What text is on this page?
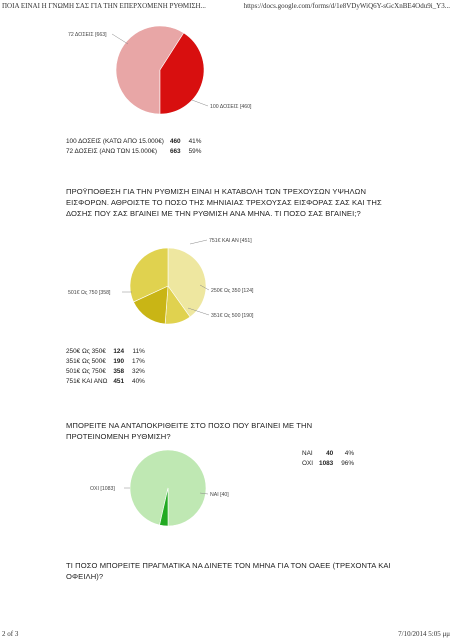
ΠΟΙΑ ΕΙΝΑΙ Η ΓΝΩΜΗ ΣΑΣ ΓΙΑ ΤΗΝ ΕΠΕΡΧΟΜΕΝΗ ΡΥΘΜΙΣΗ...	https://docs.google.com/forms/d/1e8VDyWiQ6Y-sGcXnBE4Odu9i_Y3...
72 ΔΟΣΕΙΣ [663]
100 ΔΟΣΕΙΣ [460]
100 ΔΟΣΕΙΣ (ΚΑΤΩ ΑΠΟ 15.000€)	460	41%
72 ΔΟΣΕΙΣ (ΑΝΩ ΤΩΝ 15.000€)	663	59%
ΠΡΟΫΠΟΘΕΣΗ ΓΙΑ ΤΗΝ ΡΥΘΜΙΣΗ ΕΙΝΑΙ Η ΚΑΤΑΒΟΛΗ ΤΩΝ ΤΡΕΧΟΥΣΩΝ ΥΨΗΛΩΝ ΕΙΣΦΟΡΩΝ. ΑΘΡΟΙΣΤΕ ΤΟ ΠΟΣΟ ΤΗΣ ΜΗΝΙΑΙΑΣ ΤΡΕΧΟΥΣΑΣ ΕΙΣΦΟΡΑΣ ΣΑΣ ΚΑΙ ΤΗΣ ΔΟΣΗΣ ΠΟΥ ΣΑΣ ΒΓΑΙΝΕΙ ΜΕ ΤΗΝ ΡΥΘΜΙΣΗ ΑΝΑ ΜΗΝΑ. ΤΙ ΠΟΣΟ ΣΑΣ ΒΓΑΙΝΕΙ;?
751€ ΚΑΙ ΑΝ [451]
250€ Ως 350 [124]
351€ Ως 500 [190]
501€ Ως 750 [358]
250€ Ως 350€	124	11%
351€ Ως 500€	190	17%
501€ Ως 750€	358	32%
751€ ΚΑΙ ΑΝΩ	451	40%
ΜΠΟΡΕΙΤΕ ΝΑ ΑΝΤΑΠΟΚΡΙΘΕΙΤΕ ΣΤΟ ΠΟΣΟ ΠΟΥ ΒΓΑΙΝΕΙ ΜΕ ΤΗΝ ΠΡΟΤΕΙΝΟΜΕΝΗ ΡΥΘΜΙΣΗ?
ΝΑΙ	40	4%
ΟΧΙ	1083	96%
ΟΧΙ [1083]
ΝΑΙ [40]
ΤΙ ΠΟΣΟ ΜΠΟΡΕΙΤΕ ΠΡΑΓΜΑΤΙΚΑ ΝΑ ΔΙΝΕΤΕ ΤΟΝ ΜΗΝΑ ΓΙΑ ΤΟΝ ΟΑΕΕ (ΤΡΕΧΟΝΤΑ ΚΑΙ ΟΦΕΙΛΗ)?
2 of 3	7/10/2014 5:05 μμ
